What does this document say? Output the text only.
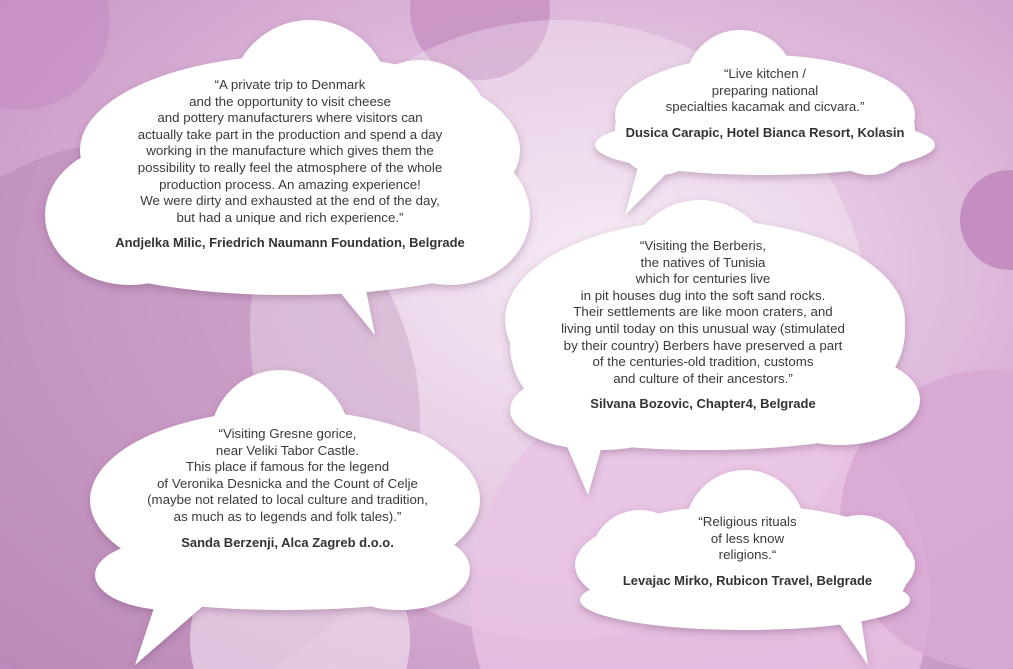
“A private trip to Denmark
and the opportunity to visit cheese
and pottery manufacturers where visitors can
actually take part in the production and spend a day
working in the manufacture which gives them the
possibility to really feel the atmosphere of the whole
production process. An amazing experience!
We were dirty and exhausted at the end of the day,
but had a unique and rich experience.”

Andjelka Milic, Friedrich Naumann Foundation, Belgrade

“Live kitchen /
preparing national
specialties kacamak and cicvara.”

Dusica Carapic, Hotel Bianca Resort, Kolasin

“Visiting the Berberis,
the natives of Tunisia
which for centuries live
in pit houses dug into the soft sand rocks.
Their settlements are like moon craters, and
living until today on this unusual way (stimulated
by their country) Berbers have preserved a part
of the centuries-old tradition, customs
and culture of their ancestors.”

Silvana Bozovic, Chapter4, Belgrade

“Visiting Gresne gorice,
near Veliki Tabor Castle.
This place if famous for the legend
of Veronika Desnicka and the Count of Celje
(maybe not related to local culture and tradition,
as much as to legends and folk tales).”

Sanda Berzenji, Alca Zagreb d.o.o.

“Religious rituals
of less know
religions.“

Levajac Mirko, Rubicon Travel, Belgrade
